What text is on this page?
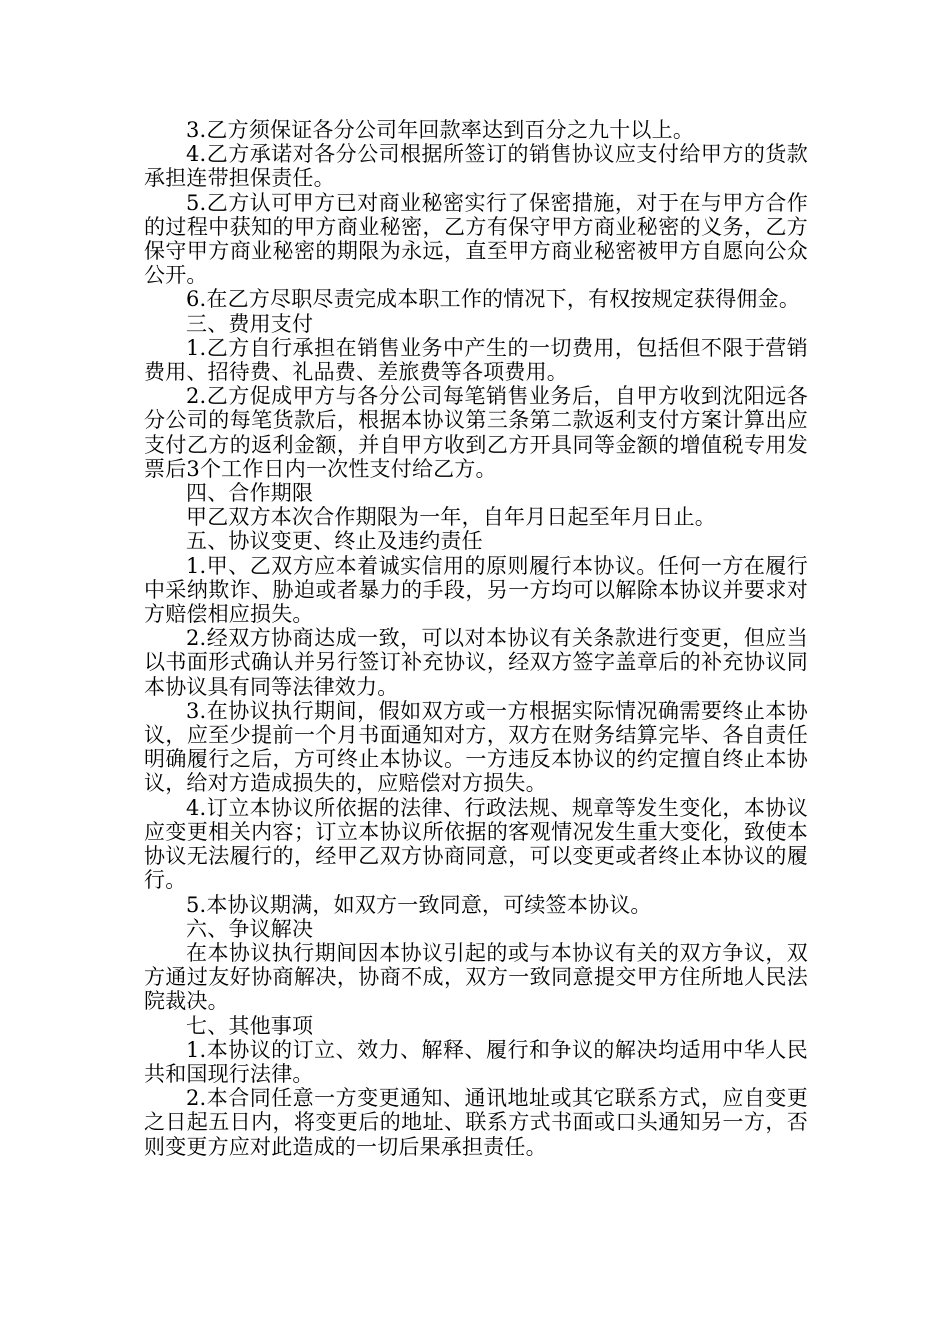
3.乙方须保证各分公司年回款率达到百分之九十以上。

4.乙方承诺对各分公司根据所签订的销售协议应支付给甲方的货款承担连带担保责任。

5.乙方认可甲方已对商业秘密实行了保密措施，对于在与甲方合作的过程中获知的甲方商业秘密，乙方有保守甲方商业秘密的义务，乙方保守甲方商业秘密的期限为永远，直至甲方商业秘密被甲方自愿向公众公开。

6.在乙方尽职尽责完成本职工作的情况下，有权按规定获得佣金。

三、费用支付

1.乙方自行承担在销售业务中产生的一切费用，包括但不限于营销费用、招待费、礼品费、差旅费等各项费用。

2.乙方促成甲方与各分公司每笔销售业务后，自甲方收到沈阳远各分公司的每笔货款后，根据本协议第三条第二款返利支付方案计算出应支付乙方的返利金额，并自甲方收到乙方开具同等金额的增值税专用发票后3个工作日内一次性支付给乙方。

四、合作期限

甲乙双方本次合作期限为一年，自年月日起至年月日止。

五、协议变更、终止及违约责任

1.甲、乙双方应本着诚实信用的原则履行本协议。任何一方在履行中采纳欺诈、胁迫或者暴力的手段，另一方均可以解除本协议并要求对方赔偿相应损失。

2.经双方协商达成一致，可以对本协议有关条款进行变更，但应当以书面形式确认并另行签订补充协议，经双方签字盖章后的补充协议同本协议具有同等法律效力。

3.在协议执行期间，假如双方或一方根据实际情况确需要终止本协议，应至少提前一个月书面通知对方，双方在财务结算完毕、各自责任明确履行之后，方可终止本协议。一方违反本协议的约定擅自终止本协议，给对方造成损失的，应赔偿对方损失。

4.订立本协议所依据的法律、行政法规、规章等发生变化，本协议应变更相关内容；订立本协议所依据的客观情况发生重大变化，致使本协议无法履行的，经甲乙双方协商同意，可以变更或者终止本协议的履行。

5.本协议期满，如双方一致同意，可续签本协议。

六、争议解决

在本协议执行期间因本协议引起的或与本协议有关的双方争议，双方通过友好协商解决，协商不成，双方一致同意提交甲方住所地人民法院裁决。

七、其他事项

1.本协议的订立、效力、解释、履行和争议的解决均适用中华人民共和国现行法律。

2.本合同任意一方变更通知、通讯地址或其它联系方式，应自变更之日起五日内，将变更后的地址、联系方式书面或口头通知另一方，否则变更方应对此造成的一切后果承担责任。
